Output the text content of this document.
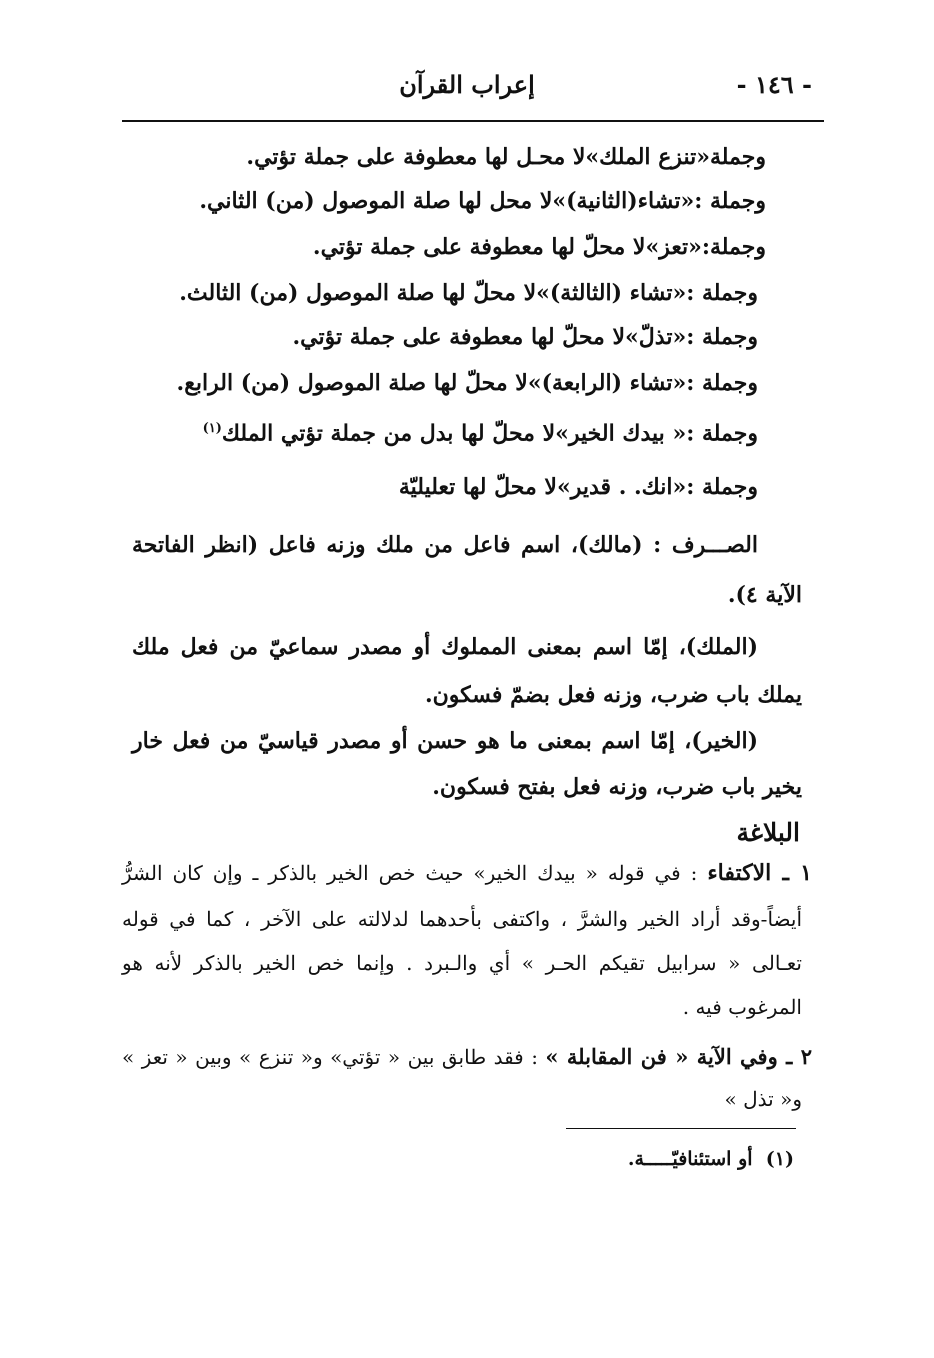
- ١٤٦ -
إعراب القرآن
وجملة«تنزع الملك»لا محـل لها معطوفة على جملة تؤتي.
وجملة :«تشاء(الثانية)»لا محل لها صلة الموصول (من) الثاني.
وجملة:«تعز»لا محلّ لها معطوفة على جملة تؤتي.
وجملة :«تشاء (الثالثة)»لا محلّ لها صلة الموصول (من) الثالث.
وجملة :«تذلّ»لا محلّ لها معطوفة على جملة تؤتي.
وجملة :«تشاء (الرابعة)»لا محلّ لها صلة الموصول (من) الرابع.
وجملة :« بيدك الخير»لا محلّ لها بدل من جملة تؤتي الملك$^{(١)}$
وجملة :«انك. . قدير»لا محلّ لها تعليليّة
الصـــرف : (مالك)، اسم فاعل من ملك وزنه فاعل (انظر الفاتحة
الآية ٤).
(الملك)، إمّا اسم بمعنى المملوك أو مصدر سماعيّ من فعل ملك
يملك باب ضرب، وزنه فعل بضمّ فسكون.
(الخير)، إمّا اسم بمعنى ما هو حسن أو مصدر قياسيّ من فعل خار
يخير باب ضرب، وزنه فعل بفتح فسكون.
البلاغة
١ ـ الاكتفاء : في قوله « بيدك الخير» حيث خص الخير بالذكر ـ وإن كان الشرُّ
أيضاً-وقد أراد الخير والشرَّ ، واكتفى بأحدهما لدلالته على الآخر ، كما في قوله
تعـالى « سرابيل تقيكم الحـر » أي والـبرد . وإنما خص الخير بالذكر لأنه هو
المرغوب فيه .
٢ ـ وفي الآية « فن المقابلة » : فقد طابق بين « تؤتي» و« تنزع » وبين « تعز »
و« تذل »
(١)  أو استئنافيّـــــة.
